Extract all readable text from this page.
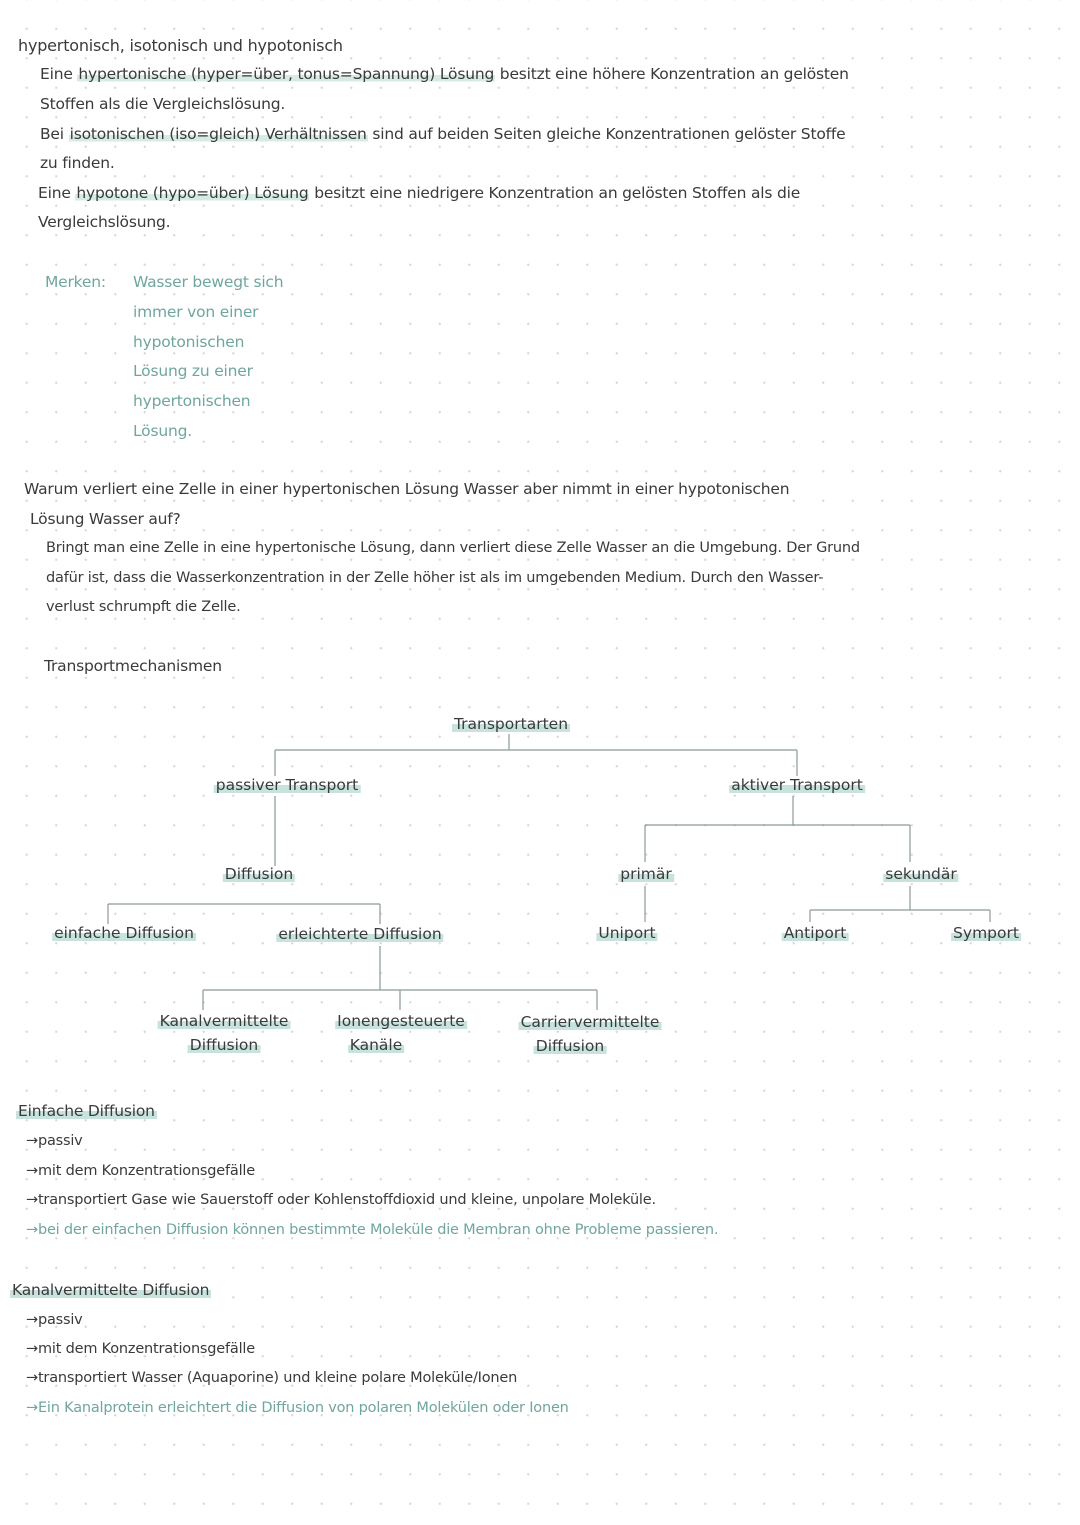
hypertonisch, isotonisch und hypotonisch
Eine hypertonische (hyper=über, tonus=Spannung) Lösung besitzt eine höhere Konzentration an gelösten
Stoffen als die Vergleichslösung.
Bei isotonischen (iso=gleich) Verhältnissen sind auf beiden Seiten gleiche Konzentrationen gelöster Stoffe
zu finden.
Eine hypotone (hypo=über) Lösung besitzt eine niedrigere Konzentration an gelösten Stoffen als die
Vergleichslösung.
Merken: Wasser bewegt sich
immer von einer
hypotonischen
Lösung zu einer
hypertonischen
Lösung.
Warum verliert eine Zelle in einer hypertonischen Lösung Wasser aber nimmt in einer hypotonischen
Lösung Wasser auf?
Bringt man eine Zelle in eine hypertonische Lösung, dann verliert diese Zelle Wasser an die Umgebung. Der Grund
dafür ist, dass die Wasserkonzentration in der Zelle höher ist als im umgebenden Medium. Durch den Wasser-
verlust schrumpft die Zelle.
Transportmechanismen
Transportarten
passiver Transport	aktiver Transport
Diffusion
einfache Diffusion	erleichterte Diffusion
Kanalvermittelte
Diffusion
Ionengesteuerte
Kanäle
Carriervermittelte
Diffusion
primär	sekundär
Uniport	Antiport	Symport
Einfache Diffusion
→passiv
→mit dem Konzentrationsgefälle
→transportiert Gase wie Sauerstoff oder Kohlenstoffdioxid und kleine, unpolare Moleküle.
→bei der einfachen Diffusion können bestimmte Moleküle die Membran ohne Probleme passieren.
Kanalvermittelte Diffusion
→passiv
→mit dem Konzentrationsgefälle
→transportiert Wasser (Aquaporine) und kleine polare Moleküle/Ionen
→Ein Kanalprotein erleichtert die Diffusion von polaren Molekülen oder Ionen
